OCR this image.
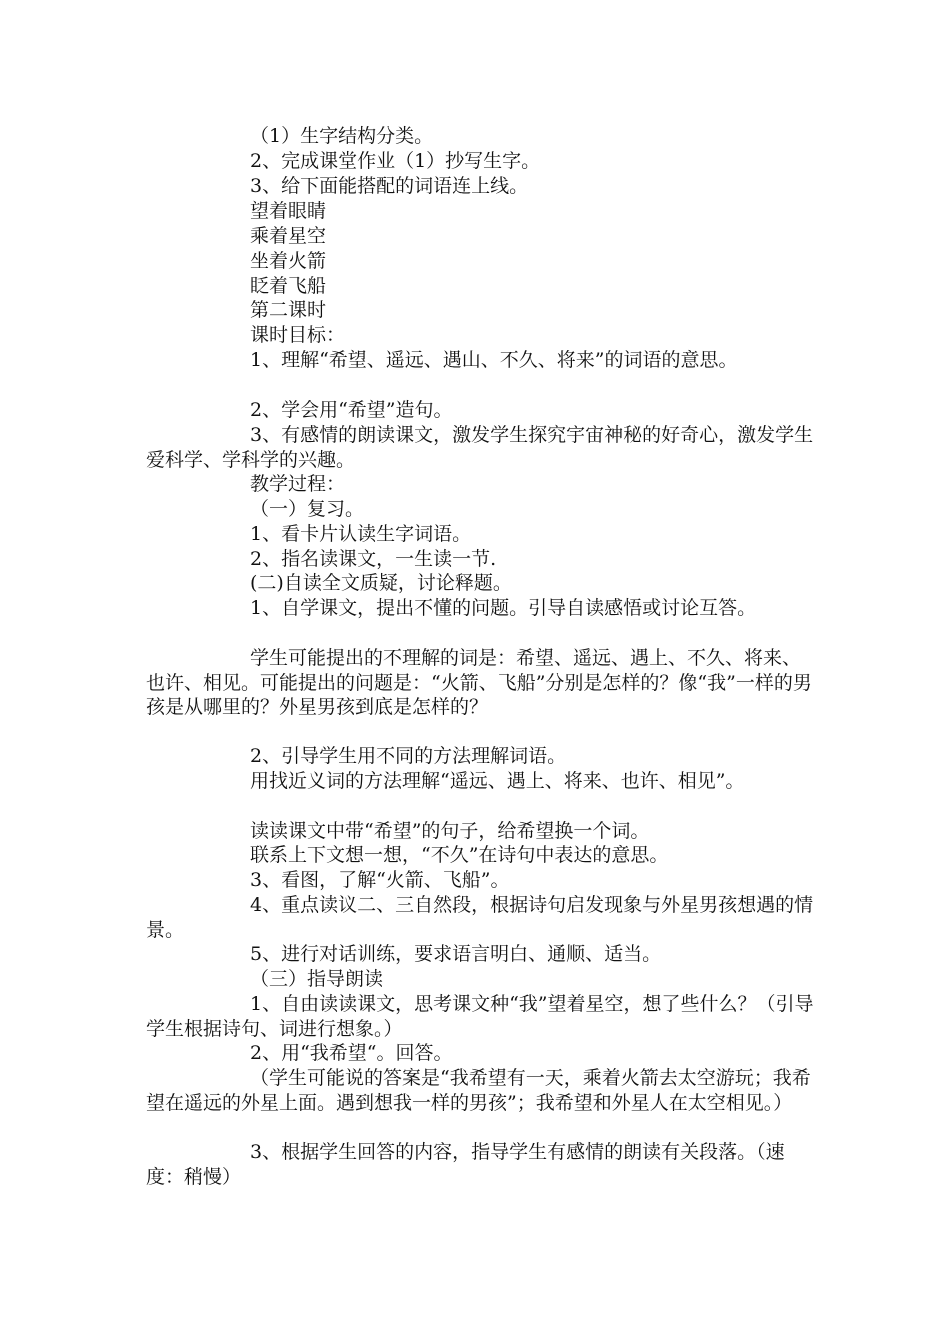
（1）生字结构分类。

2、完成课堂作业（1）抄写生字。

3、给下面能搭配的词语连上线。

望着眼睛

乘着星空

坐着火箭

眨着飞船

第二课时

课时目标：

1、理解“希望、遥远、遇山、不久、将来”的词语的意思。

2、学会用“希望”造句。

3、有感情的朗读课文，激发学生探究宇宙神秘的好奇心，激发学生爱科学、学科学的兴趣。

教学过程：

（一）复习。

1、看卡片认读生字词语。

2、指名读课文，一生读一节.

(二)自读全文质疑，讨论释题。

1、自学课文，提出不懂的问题。引导自读感悟或讨论互答。

学生可能提出的不理解的词是：希望、遥远、遇上、不久、将来、也许、相见。可能提出的问题是：“火箭、飞船”分别是怎样的？像“我”一样的男孩是从哪里的？外星男孩到底是怎样的？

2、引导学生用不同的方法理解词语。

用找近义词的方法理解“遥远、遇上、将来、也许、相见”。

读读课文中带“希望”的句子，给希望换一个词。

联系上下文想一想，“不久”在诗句中表达的意思。

3、看图，了解“火箭、飞船”。

4、重点读议二、三自然段，根据诗句启发现象与外星男孩想遇的情景。

5、进行对话训练，要求语言明白、通顺、适当。

（三）指导朗读

1、自由读读课文，思考课文种“我”望着星空，想了些什么？（引导学生根据诗句、词进行想象。）

2、用“我希望“。回答。

（学生可能说的答案是“我希望有一天，乘着火箭去太空游玩；我希望在遥远的外星上面。遇到想我一样的男孩”；我希望和外星人在太空相见。）

3、根据学生回答的内容，指导学生有感情的朗读有关段落。（速度：稍慢）
